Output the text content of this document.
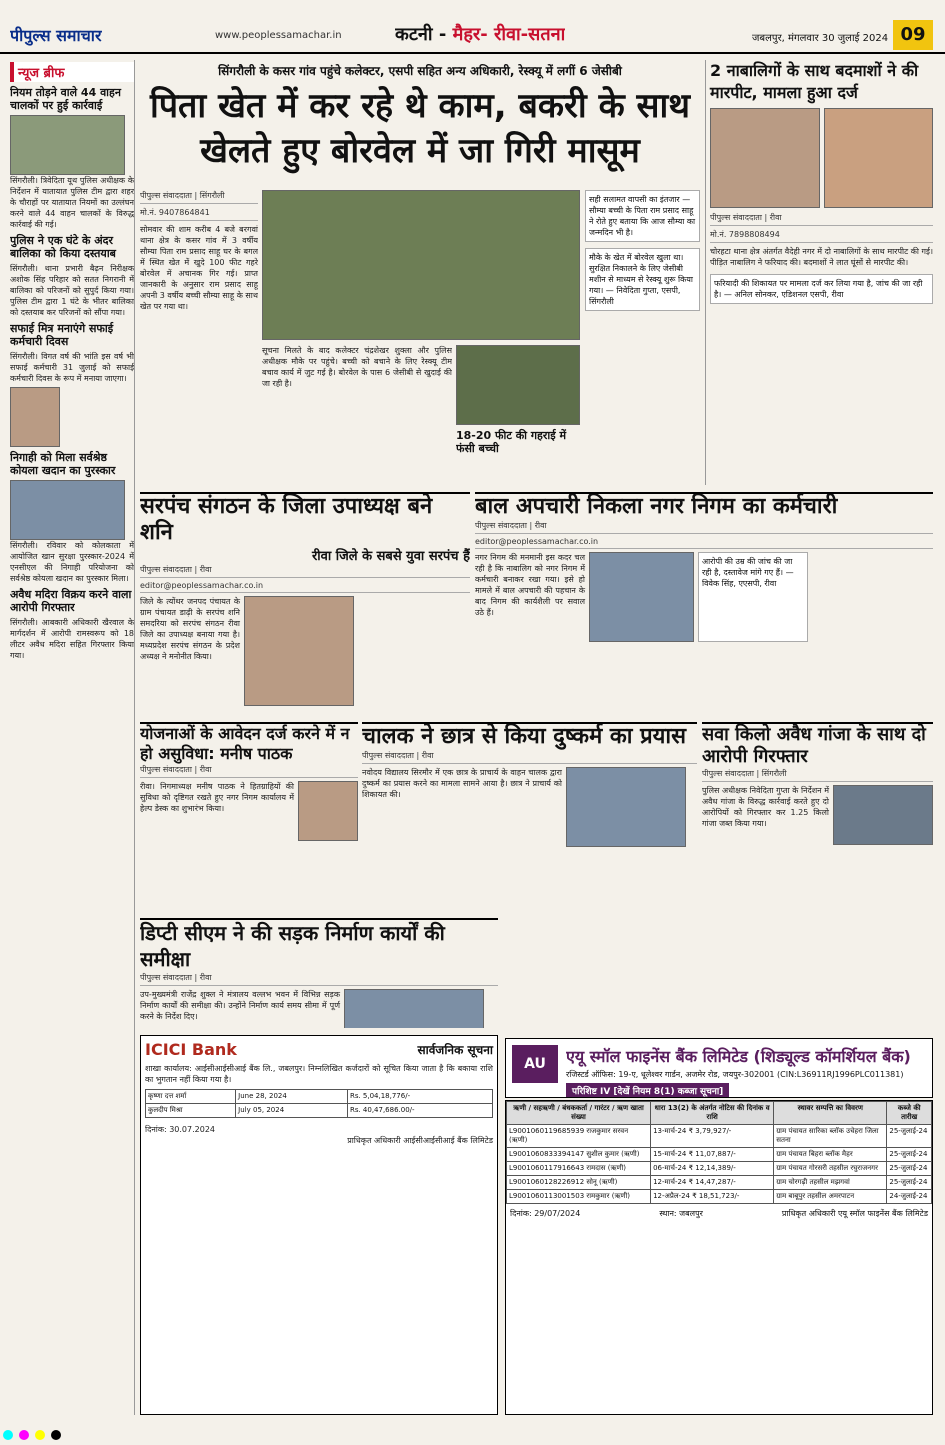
पीपुल्स समाचार	www.peoplessamachar.in	कटनी - मैहर- रीवा-सतना	जबलपुर, मंगलवार 30 जुलाई 2024 09
न्यूज ब्रीफ
नियम तोड़ने वाले 44 वाहन चालकों पर हुई कार्रवाई
सिंगरौली। त्रिवेदिता यूथ पुलिस अधीक्षक के निर्देशन में यातायात पुलिस टीम द्वारा शहर के चौराहों पर यातायात नियमों का उल्लंघन करने वाले 44 वाहन चालकों के विरुद्ध कार्रवाई की गई।
पुलिस ने एक घंटे के अंदर बालिका को किया दस्तयाब
सिंगरौली। थाना प्रभारी बैढ़न निरीक्षक अशोक सिंह परिहार को सतत निगरानी में बालिका को परिजनों को सुपुर्द किया गया। पुलिस टीम द्वारा 1 घंटे के भीतर बालिका को दस्तयाब कर परिजनों को सौंपा गया।
सफाई मित्र मनाएंगे सफाई कर्मचारी दिवस
सिंगरौली। विगत वर्ष की भांति इस वर्ष भी सफाई कर्मचारी 31 जुलाई को सफाई कर्मचारी दिवस के रूप में मनाया जाएगा।
निगाही को मिला सर्वश्रेष्ठ कोयला खदान का पुरस्कार
सिंगरौली। रविवार को कोलकाता में आयोजित खान सुरक्षा पुरस्कार-2024 में एनसीएल की निगाही परियोजना को सर्वश्रेष्ठ कोयला खदान का पुरस्कार मिला।
अवैध मदिरा विक्रय करने वाला आरोपी गिरफ्तार
सिंगरौली। आबकारी अधिकारी खैरवाल के मार्गदर्शन में आरोपी रामस्वरूप को 18 लीटर अवैध मदिरा सहित गिरफ्तार किया गया।
सिंगरौली के कसर गांव पहुंचे कलेक्टर, एसपी सहित अन्य अधिकारी, रेस्क्यू में लगीं 6 जेसीबी
पिता खेत में कर रहे थे काम, बकरी के साथ खेलते हुए बोरवेल में जा गिरी मासूम
पीपुल्स संवाददाता | सिंगरौली
मो.नं. 9407864841
सोमवार की शाम करीब 4 बजे बरगवां थाना क्षेत्र के कसर गांव में 3 वर्षीय सौम्या पिता राम प्रसाद साहू घर के बगल में स्थित खेत में खुदे 100 फीट गहरे बोरवेल में अचानक गिर गई। प्राप्त जानकारी के अनुसार राम प्रसाद साहू अपनी 3 वर्षीय बच्ची सौम्या साहू के साथ खेत पर गया था।
सूचना मिलते के बाद कलेक्टर चंद्रशेखर शुक्ला और पुलिस अधीक्षक मौके पर पहुंचे। बच्ची को बचाने के लिए रेस्क्यू टीम बचाव कार्य में जुट गई है। बोरवेल के पास 6 जेसीबी से खुदाई की जा रही है।
18-20 फीट की गहराई में फंसी बच्ची
सही सलामत वापसी का इंतजार — सौम्या बच्ची के पिता राम प्रसाद साहू ने रोते हुए बताया कि आज सौम्या का जन्मदिन भी है।
मौके के खेत में बोरवेल खुला था। सुरक्षित निकालने के लिए जेसीबी मशीन से माध्यम से रेस्क्यू शुरू किया गया। — निवेदिता गुप्ता, एसपी, सिंगरौली
2 नाबालिगों के साथ बदमाशों ने की मारपीट, मामला हुआ दर्ज
पीपुल्स संवाददाता | रीवा
मो.नं. 7898808494
चोरहटा थाना क्षेत्र अंतर्गत वैदेही नगर में दो नाबालिगों के साथ मारपीट की गई। पीड़ित नाबालिग ने फरियाद की। बदमाशों ने लात घूंसों से मारपीट की।
फरियादी की शिकायत पर मामला दर्ज कर लिया गया है, जांच की जा रही है। — अनिल सोनकर, एडिशनल एसपी, रीवा
सरपंच संगठन के जिला उपाध्यक्ष बने शनि
रीवा जिले के सबसे युवा सरपंच हैं
पीपुल्स संवाददाता | रीवा
editor@peoplessamachar.co.in
जिले के त्योंथर जनपद पंचायत के ग्राम पंचायत डाढ़ी के सरपंच शनि समदरिया को सरपंच संगठन रीवा जिले का उपाध्यक्ष बनाया गया है। मध्यप्रदेश सरपंच संगठन के प्रदेश अध्यक्ष ने मनोनीत किया।
बाल अपचारी निकला नगर निगम का कर्मचारी
पीपुल्स संवाददाता | रीवा
editor@peoplessamachar.co.in
नगर निगम की मनमानी इस कदर चल रही है कि नाबालिग को नगर निगम में कर्मचारी बनाकर रखा गया। इसे हो मामले में बाल अपचारी की पहचान के बाद निगम की कार्यशैली पर सवाल उठे हैं।
आरोपी की उम्र की जांच की जा रही है, दस्तावेज मांगे गए हैं। — विवेक सिंह, एएसपी, रीवा
योजनाओं के आवेदन दर्ज करने में न हो असुविधा: मनीष पाठक
पीपुल्स संवाददाता | रीवा
रीवा। निगमाध्यक्ष मनीष पाठक ने हितग्राहियों की सुविधा को दृष्टिगत रखते हुए नगर निगम कार्यालय में हेल्प डेस्क का शुभारंभ किया।
चालक ने छात्र से किया दुष्कर्म का प्रयास
पीपुल्स संवाददाता | रीवा
नवोदय विद्यालय सिरमौर में एक छात्र के प्राचार्य के वाहन चालक द्वारा दुष्कर्म का प्रयास करने का मामला सामने आया है। छात्र ने प्राचार्य को शिकायत की।
सवा किलो अवैध गांजा के साथ दो आरोपी गिरफ्तार
पीपुल्स संवाददाता | सिंगरौली
पुलिस अधीक्षक निवेदिता गुप्ता के निर्देशन में अवैध गांजा के विरुद्ध कार्रवाई करते हुए दो आरोपियों को गिरफ्तार कर 1.25 किलो गांजा जब्त किया गया।
डिप्टी सीएम ने की सड़क निर्माण कार्यों की समीक्षा
पीपुल्स संवाददाता | रीवा
उप-मुख्यमंत्री राजेंद्र शुक्ल ने मंत्रालय वल्लभ भवन में विभिन्न सड़क निर्माण कार्यों की समीक्षा की। उन्होंने निर्माण कार्य समय सीमा में पूर्ण करने के निर्देश दिए।
ICICI Bank	सार्वजनिक सूचना
शाखा कार्यालय: आईसीआईसीआई बैंक लि., जबलपुर। निम्नलिखित कर्जदारों को सूचित किया जाता है कि बकाया राशि का भुगतान नहीं किया गया है।
कृष्णा दत्त शर्मा	June 28, 2024	Rs. 5,04,18,776/-
कुलदीप मिश्रा	July 05, 2024	Rs. 40,47,686.00/-
दिनांक: 30.07.2024
प्राधिकृत अधिकारी आईसीआईसीआई बैंक लिमिटेड
AU	एयू स्मॉल फाइनेंस बैंक लिमिटेड (शिड्यूल्ड कॉमर्शियल बैंक)
रजिस्टर्ड ऑफिस: 19-ए, धूलेश्वर गार्डन, अजमेर रोड, जयपुर-302001 (CIN:L36911RJ1996PLC011381)
परिशिष्ट IV [देखें नियम 8(1) कब्जा सूचना]
ऋणी / सहऋणी / बंधककर्ता / गारंटर / ऋण खाता संख्या	धारा 13(2) के अंतर्गत नोटिस की दिनांक व राशि	स्थावर सम्पत्ति का विवरण	कब्जे की तारीख
L9001060119685939 राजकुमार सरवन (ऋणी)	13-मार्च-24 ₹ 3,79,927/-	ग्राम पंचायत सारिका ब्लॉक उचेहरा जिला सतना	25-जुलाई-24
L9001060833394147 सुशील कुमार (ऋणी)	15-मार्च-24 ₹ 11,07,887/-	ग्राम पंचायत बिहरा ब्लॉक मैहर	25-जुलाई-24
L9001060117916643 रामदास (ऋणी)	06-मार्च-24 ₹ 12,14,389/-	ग्राम पंचायत गोरसरी तहसील रघुराजनगर	25-जुलाई-24
L9001060128226912 सोनू (ऋणी)	12-मार्च-24 ₹ 14,47,287/-	ग्राम चोरगढ़ी तहसील मझगवां	25-जुलाई-24
L9001060113001503 रामकुमार (ऋणी)	12-अप्रैल-24 ₹ 18,51,723/-	ग्राम बाबूपुर तहसील अमरपाटन	24-जुलाई-24
दिनांक: 29/07/2024	स्थान: जबलपुर	प्राधिकृत अधिकारी एयू स्मॉल फाइनेंस बैंक लिमिटेड
